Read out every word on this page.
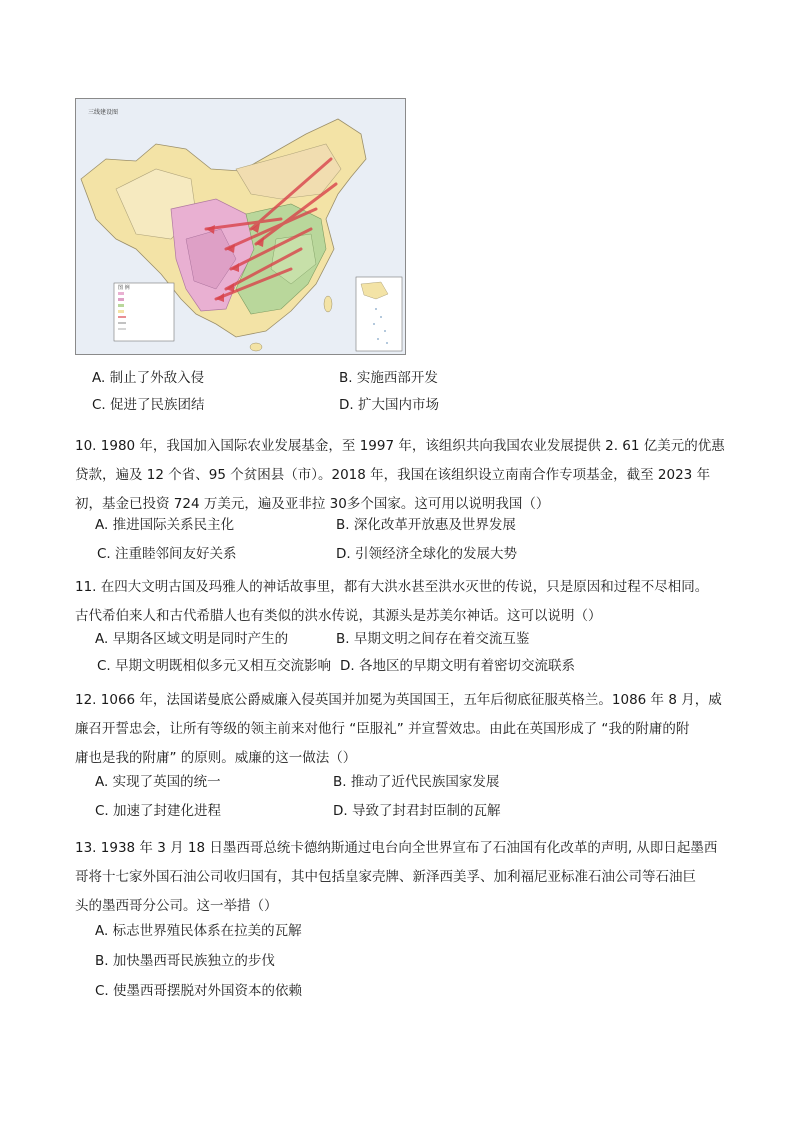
三线建设图
图 例
A. 制止了外敌入侵	B. 实施西部开发
C. 促进了民族团结	D. 扩大国内市场
10. 1980 年，我国加入国际农业发展基金，至 1997 年，该组织共向我国农业发展提供 2. 61 亿美元的优惠
贷款，遍及 12 个省、95 个贫困县（市）。2018 年，我国在该组织设立南南合作专项基金，截至 2023 年
初，基金已投资 724 万美元，遍及亚非拉 30多个国家。这可用以说明我国（）
A. 推进国际关系民主化	B. 深化改革开放惠及世界发展
C. 注重睦邻间友好关系	D. 引领经济全球化的发展大势
11. 在四大文明古国及玛雅人的神话故事里，都有大洪水甚至洪水灭世的传说，只是原因和过程不尽相同。
古代希伯来人和古代希腊人也有类似的洪水传说，其源头是苏美尔神话。这可以说明（）
A. 早期各区域文明是同时产生的	B. 早期文明之间存在着交流互鉴
C. 早期文明既相似多元又相互交流影响 D. 各地区的早期文明有着密切交流联系
12. 1066 年，法国诺曼底公爵威廉入侵英国并加冕为英国国王，五年后彻底征服英格兰。1086 年 8 月，威
廉召开誓忠会，让所有等级的领主前来对他行 “臣服礼” 并宣誓效忠。由此在英国形成了 “我的附庸的附
庸也是我的附庸” 的原则。威廉的这一做法（）
A. 实现了英国的统一	B. 推动了近代民族国家发展
C. 加速了封建化进程	D. 导致了封君封臣制的瓦解
13. 1938 年 3 月 18 日墨西哥总统卡德纳斯通过电台向全世界宣布了石油国有化改革的声明, 从即日起墨西
哥将十七家外国石油公司收归国有，其中包括皇家壳牌、新泽西美孚、加利福尼亚标准石油公司等石油巨
头的墨西哥分公司。这一举措（）
A. 标志世界殖民体系在拉美的瓦解
B. 加快墨西哥民族独立的步伐
C. 使墨西哥摆脱对外国资本的依赖
